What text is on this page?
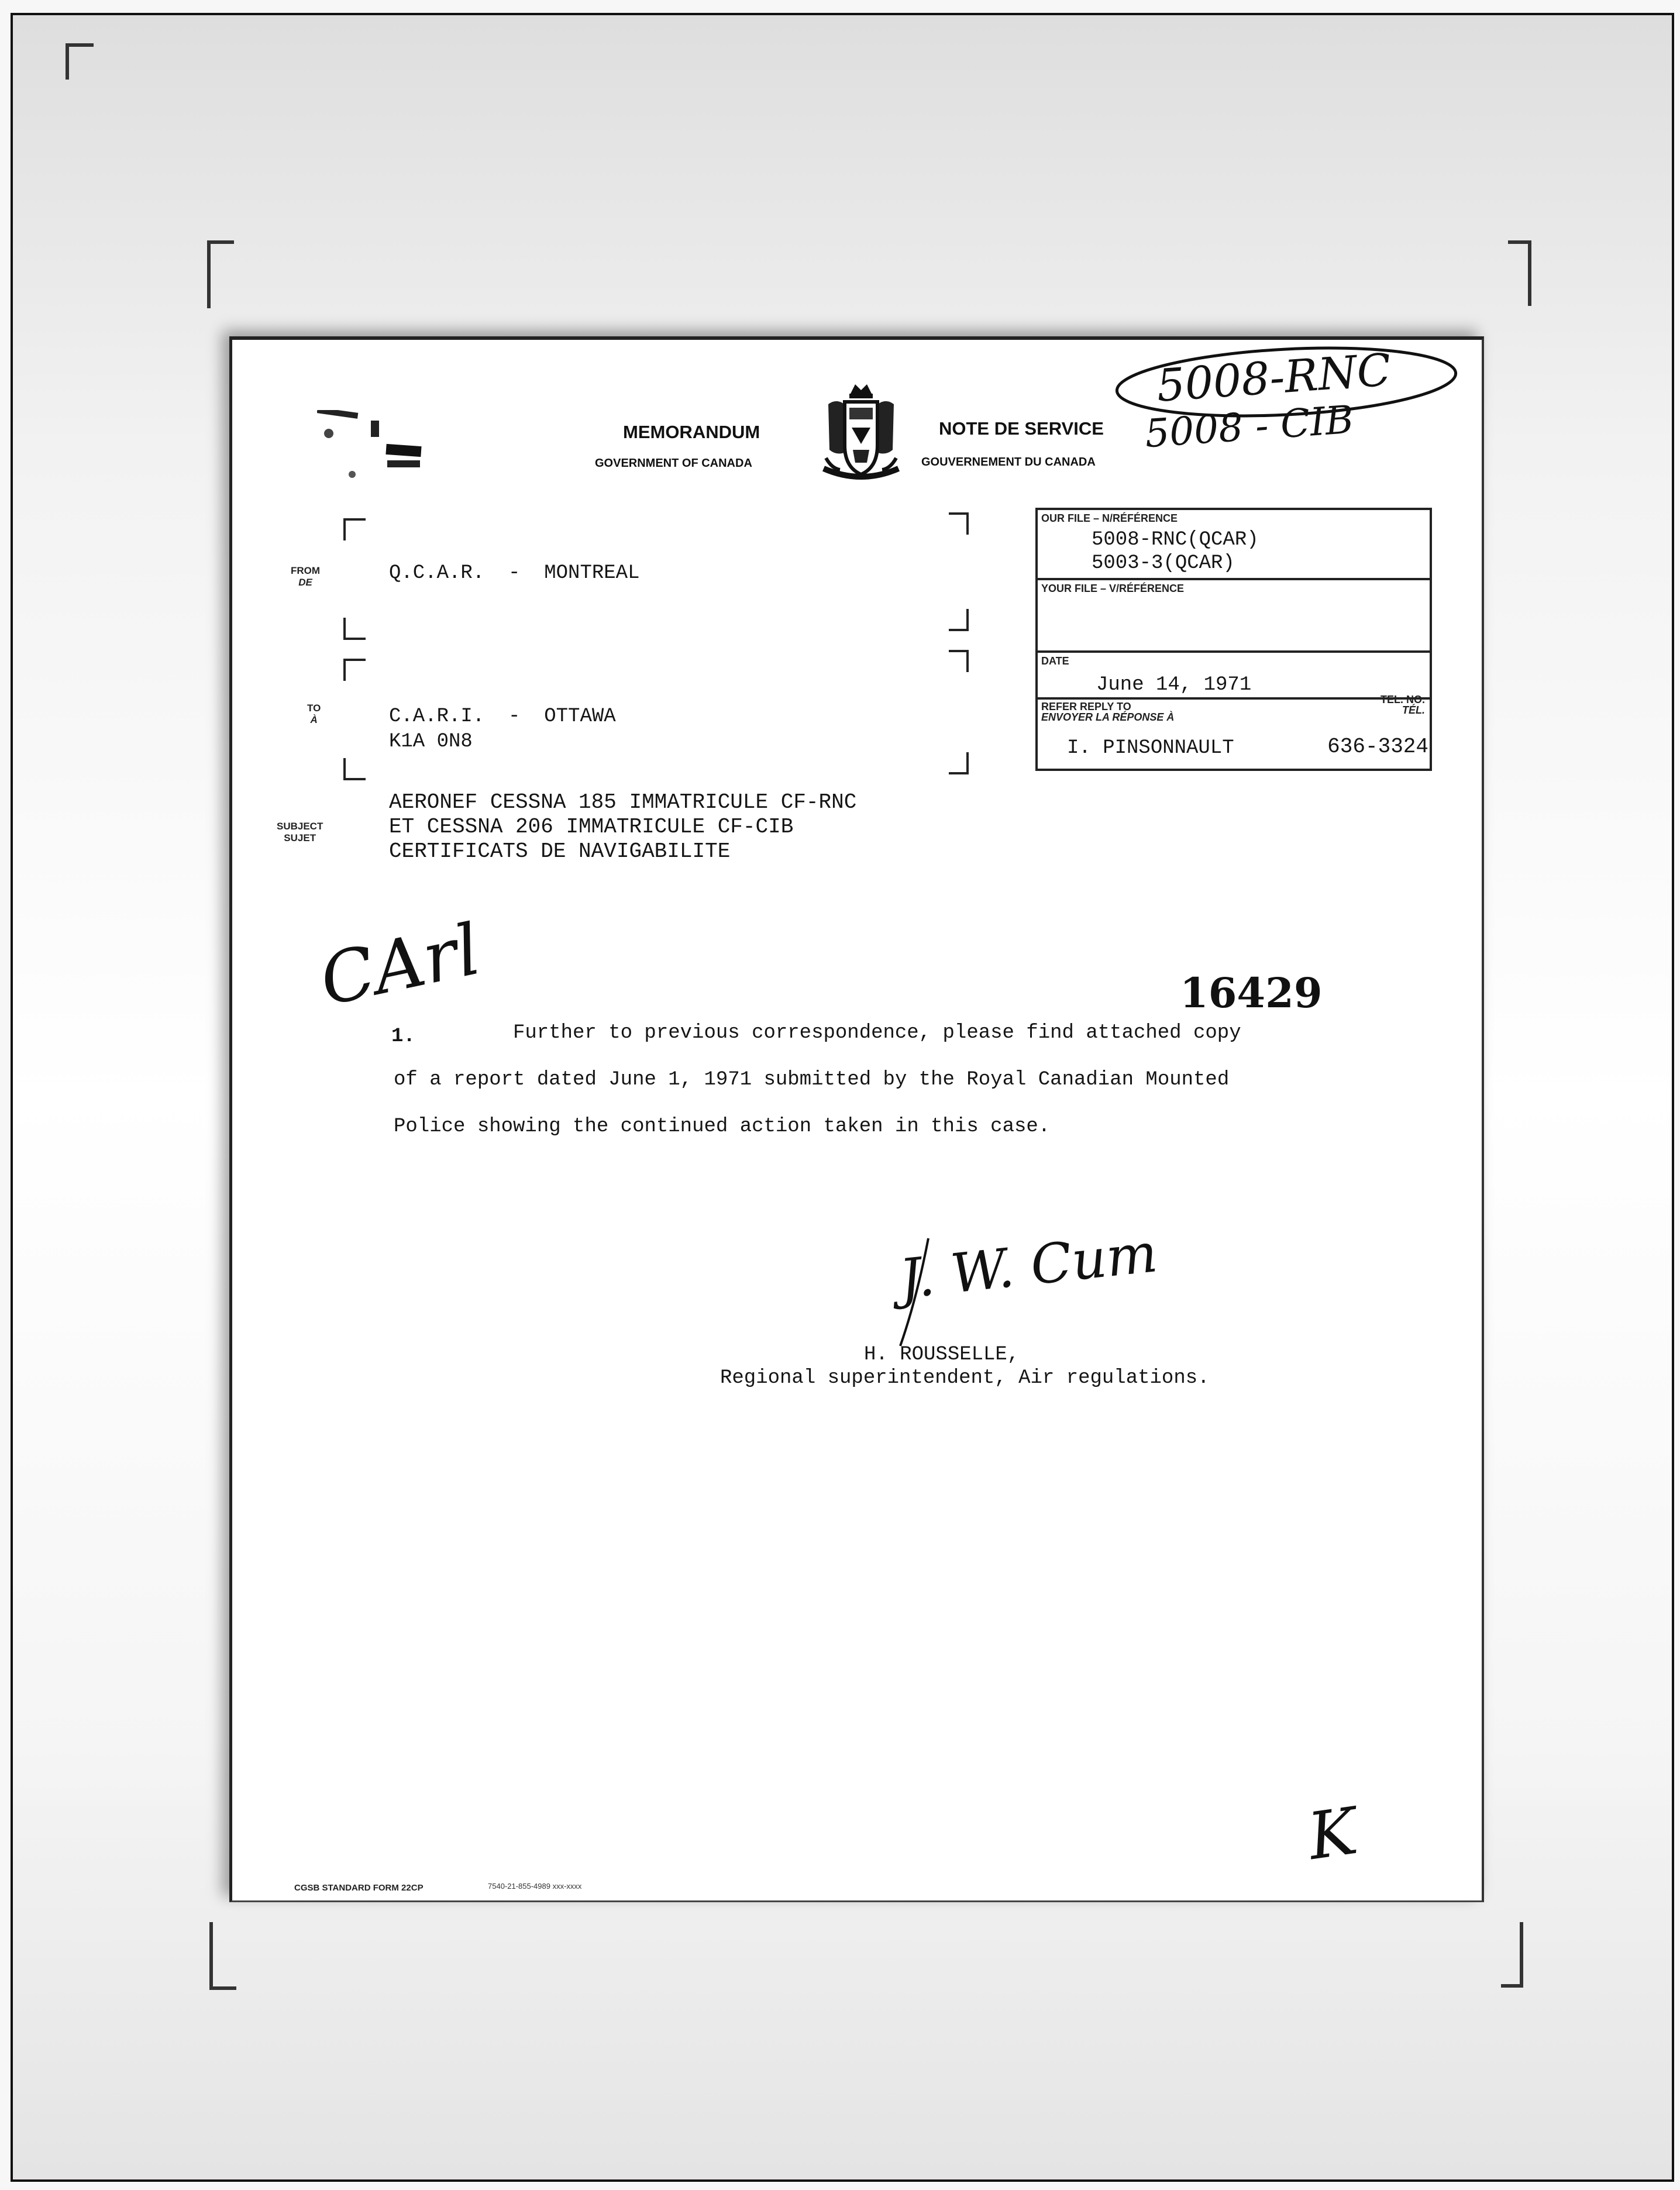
MEMORANDUM
GOVERNMENT OF CANADA
NOTE DE SERVICE
GOUVERNEMENT DU CANADA
5008-RNC
5008 - CIB
FROM
DE	Q.C.A.R.  -  MONTREAL
TO
À	C.A.R.I.  -  OTTAWA
K1A 0N8
SUBJECT
SUJET
AERONEF CESSNA 185 IMMATRICULE CF-RNC
ET CESSNA 206 IMMATRICULE CF-CIB
CERTIFICATS DE NAVIGABILITE
OUR FILE – N/RÉFÉRENCE
5008-RNC(QCAR)
5003-3(QCAR)
YOUR FILE – V/RÉFÉRENCE
DATE
June 14, 1971
REFER REPLY TO
ENVOYER LA RÉPONSE À
TEL. NO.
TÉL.
I. PINSONNAULT	636-3324
CArl	16429
1.	Further to previous correspondence, please find attached copy
of a report dated June 1, 1971 submitted by the Royal Canadian Mounted
Police showing the continued action taken in this case.
J. W. Cum
H. ROUSSELLE,
Regional superintendent, Air regulations.
K
CGSB STANDARD FORM 22CP	7540-21-855-4989 xxx-xxxx
